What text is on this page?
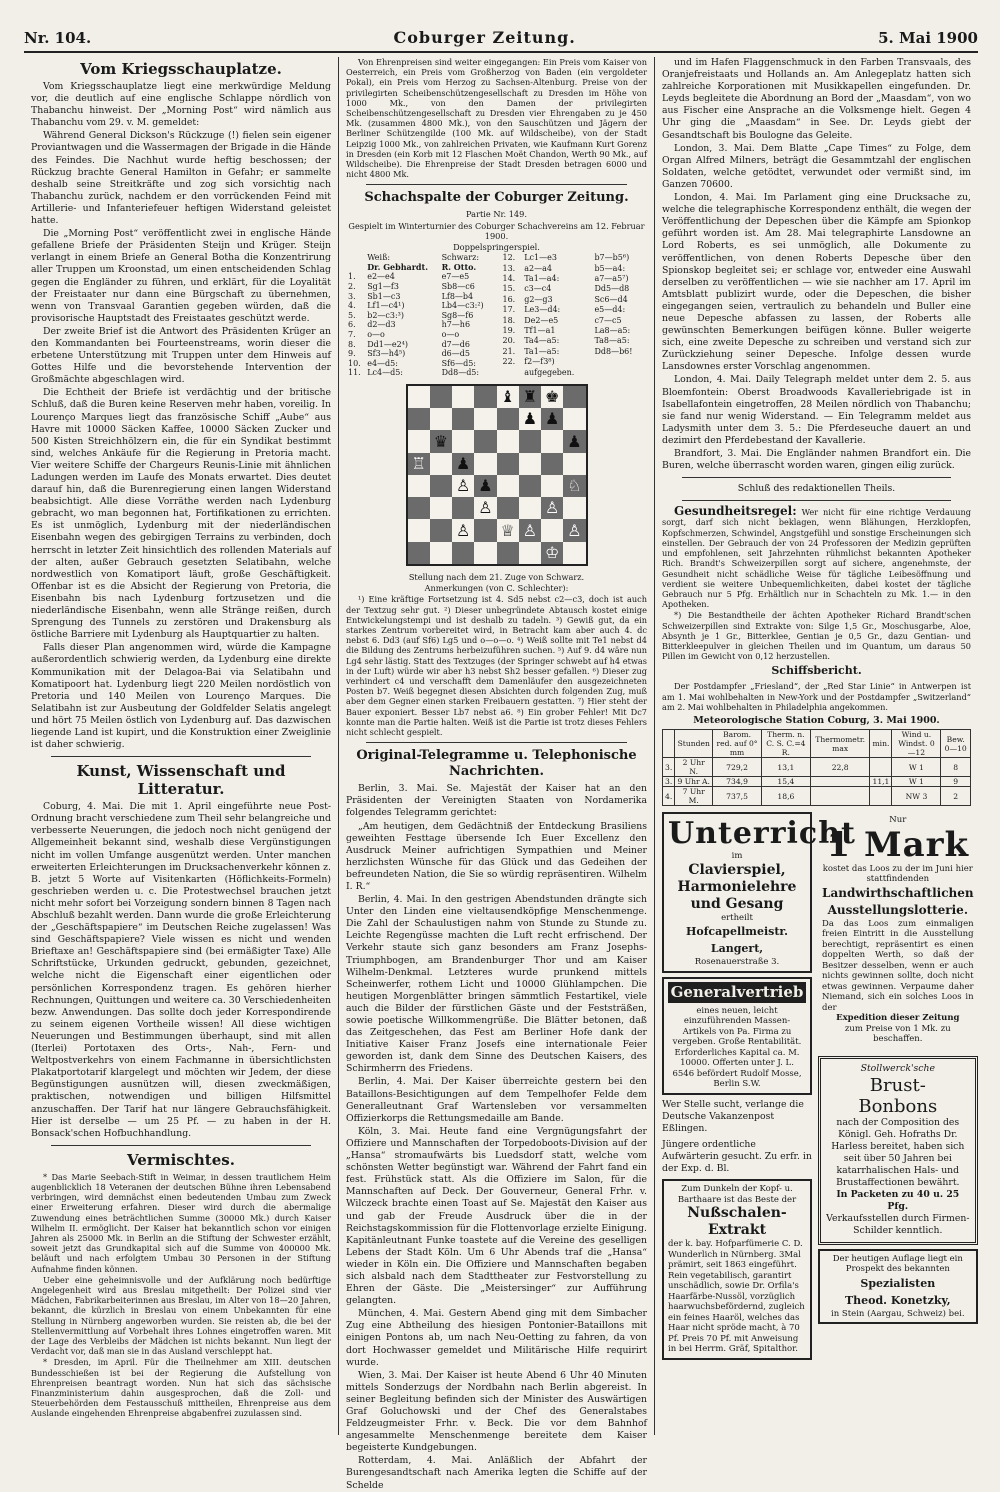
Nr. 104.	Coburger Zeitung.	5. Mai 1900
Vom Kriegsschauplatze.

Vom Kriegsschauplatze liegt eine merkwürdige Meldung vor, die deutlich auf eine englische Schlappe nördlich von Thabanchu hinweist. Der „Morning Post“ wird nämlich aus Thabanchu vom 29. v. M. gemeldet:

Während General Dickson's Rückzuge (!) fielen sein eigener Proviantwagen und die Wassermagen der Brigade in die Hände des Feindes. Die Nachhut wurde heftig beschossen; der Rückzug brachte General Hamilton in Gefahr; er sammelte deshalb seine Streitkräfte und zog sich vorsichtig nach Thabanchu zurück, nachdem er den vorrückenden Feind mit Artillerie- und Infanteriefeuer heftigen Widerstand geleistet hatte.

Die „Morning Post“ veröffentlicht zwei in englische Hände gefallene Briefe der Präsidenten Steijn und Krüger. Steijn verlangt in einem Briefe an General Botha die Konzentrirung aller Truppen um Kroonstad, um einen entscheidenden Schlag gegen die Engländer zu führen, und erklärt, für die Loyalität der Freistaater nur dann eine Bürgschaft zu übernehmen, wenn von Transvaal Garantien gegeben würden, daß die provisorische Hauptstadt des Freistaates geschützt werde.

Der zweite Brief ist die Antwort des Präsidenten Krüger an den Kommandanten bei Fourteenstreams, worin dieser die erbetene Unterstützung mit Truppen unter dem Hinweis auf Gottes Hilfe und die bevorstehende Intervention der Großmächte abgeschlagen wird.

Die Echtheit der Briefe ist verdächtig und der britische Schluß, daß die Buren keine Reserven mehr haben, voreilig. In Lourenço Marques liegt das französische Schiff „Aube“ aus Havre mit 10000 Säcken Kaffee, 10000 Säcken Zucker und 500 Kisten Streichhölzern ein, die für ein Syndikat bestimmt sind, welches Ankäufe für die Regierung in Pretoria macht. Vier weitere Schiffe der Chargeurs Reunis-Linie mit ähnlichen Ladungen werden im Laufe des Monats erwartet. Dies deutet darauf hin, daß die Burenregierung einen langen Widerstand beabsichtigt. Alle diese Vorräthe werden nach Lydenburg gebracht, wo man begonnen hat, Fortifikationen zu errichten. Es ist unmöglich, Lydenburg mit der niederländischen Eisenbahn wegen des gebirgigen Terrains zu verbinden, doch herrscht in letzter Zeit hinsichtlich des rollenden Materials auf der alten, außer Gebrauch gesetzten Selatibahn, welche nordwestlich von Komatiport läuft, große Geschäftigkeit. Offenbar ist es die Absicht der Regierung von Pretoria, die Eisenbahn bis nach Lydenburg fortzusetzen und die niederländische Eisenbahn, wenn alle Stränge reißen, durch Sprengung des Tunnels zu zerstören und Drakensburg als östliche Barriere mit Lydenburg als Hauptquartier zu halten.

Falls dieser Plan angenommen wird, würde die Kampagne außerordentlich schwierig werden, da Lydenburg eine direkte Kommunikation mit der Delagoa-Bai via Selatibahn und Komatipoort hat. Lydenburg liegt 220 Meilen nordöstlich von Pretoria und 140 Meilen von Lourenço Marques. Die Selatibahn ist zur Ausbeutung der Goldfelder Selatis angelegt und hört 75 Meilen östlich von Lydenburg auf. Das dazwischen liegende Land ist kupirt, und die Konstruktion einer Zweiglinie ist daher schwierig.

Kunst, Wissenschaft und Litteratur.

Coburg, 4. Mai. Die mit 1. April eingeführte neue Post-Ordnung bracht verschiedene zum Theil sehr belangreiche und verbesserte Neuerungen, die jedoch noch nicht genügend der Allgemeinheit bekannt sind, weshalb diese Vergünstigungen nicht im vollen Umfange ausgenützt werden. Unter manchen erweiterten Erleichterungen im Drucksachenverkehr können z. B. jetzt 5 Worte auf Visitenkarten (Höflichkeits-Formeln) geschrieben werden u. c. Die Protestwechsel brauchen jetzt nicht mehr sofort bei Vorzeigung sondern binnen 8 Tagen nach Abschluß bezahlt werden. Dann wurde die große Erleichterung der „Geschäftspapiere“ im Deutschen Reiche zugelassen! Was sind Geschäftspapiere? Viele wissen es nicht und wenden Brieftaxe an! Geschäftspapiere sind (bei ermäßigter Taxe) Alle Schriftstücke, Urkunden gedruckt, gebunden, gezeichnet, welche nicht die Eigenschaft einer eigentlichen oder persönlichen Korrespondenz tragen. Es gehören hierher Rechnungen, Quittungen und weitere ca. 30 Verschiedenheiten bezw. Anwendungen. Das sollte doch jeder Korrespondirende zu seinem eigenen Vortheile wissen! All diese wichtigen Neuerungen und Bestimmungen überhaupt, sind mit allen (Iterlei) Portotaxen des Orts-, Nah-, Fern- und Weltpostverkehrs von einem Fachmanne in übersichtlichsten Plakatportotarif klargelegt und möchten wir Jedem, der diese Begünstigungen ausnützen will, diesen zweckmäßigen, praktischen, notwendigen und billigen Hilfsmittel anzuschaffen. Der Tarif hat nur längere Gebrauchsfähigkeit. Hier ist derselbe — um 25 Pf. — zu haben in der H. Bonsack'schen Hofbuchhandlung.

Vermischtes.

* Das Marie Seebach-Stift in Weimar, in dessen trautlichem Heim augenblicklich 18 Veteranen der deutschen Bühne ihren Lebensabend verbringen, wird demnächst einen bedeutenden Umbau zum Zweck einer Erweiterung erfahren. Dieser wird durch die abermalige Zuwendung eines beträchtlichen Summe (30000 Mk.) durch Kaiser Wilhelm II. ermöglicht. Der Kaiser hat bekanntlich schon vor einigen Jahren als 25000 Mk. in Berlin an die Stiftung der Schwester erzählt, soweit jetzt das Grundkapital sich auf die Summe von 400000 Mk. beläuft und nach erfolgtem Umbau 30 Personen in der Stiftung Aufnahme finden können.

Ueber eine geheimnisvolle und der Aufklärung noch bedürftige Angelegenheit wird aus Breslau mitgetheilt: Der Polizei sind vier Mädchen, Fabrikarbeiterinnen aus Breslau, im Alter von 18—20 Jahren, bekannt, die kürzlich in Breslau von einem Unbekannten für eine Stellung in Nürnberg angeworben wurden. Sie reisten ab, die bei der Stellenvermittlung auf Vorbehalt ihres Lohnes eingetroffen waren. Mit der Lage des Verbleibs der Mädchen ist nichts bekannt. Nun liegt der Verdacht vor, daß man sie in das Ausland verschleppt hat.

* Dresden, im April. Für die Theilnehmer am XIII. deutschen Bundesschießen ist bei der Regierung die Aufstellung von Ehrenpreisen beantragt worden. Nun hat sich das sächsische Finanzministerium dahin ausgesprochen, daß die Zoll- und Steuerbehörden dem Festausschuß mittheilen, Ehrenpreise aus dem Auslande eingehenden Ehrenpreise abgabenfrei zuzulassen sind.

Von Ehrenpreisen sind weiter eingegangen: Ein Preis vom Kaiser von Oesterreich, ein Preis vom Großherzog von Baden (ein vergoldeter Pokal), ein Preis vom Herzog zu Sachsen-Altenburg. Preise von der privilegirten Scheibenschützengesellschaft zu Dresden im Höhe von 1000 Mk., von den Damen der privilegirten Scheibenschützengesellschaft zu Dresden vier Ehrengaben zu je 450 Mk. (zusammen 4800 Mk.), von den Sauschützen und Jägern der Berliner Schützengilde (100 Mk. auf Wildscheibe), von der Stadt Leipzig 1000 Mk., von zahlreichen Privaten, wie Kaufmann Kurt Gorenz in Dresden (ein Korb mit 12 Flaschen Moët Chandon, Werth 90 Mk., auf Wildscheibe). Die Ehrenpreise der Stadt Dresden betragen 6000 und nicht 4800 Mk.

Schachspalte der Coburger Zeitung.

Partie Nr. 149.

Gespielt im Winterturnier des Coburger Schachvereins am 12. Februar 1900.

Doppelspringerspiel.

	Weiß:
Dr. Gebhardt.	Schwarz:
R. Otto.
1.	e2—e4	e7—e5
2.	Sg1—f3	Sb8—c6
3.	Sb1—c3	Lf8—b4
4.	Lf1—c4¹)	Lb4—c3:²)
5.	b2—c3:³)	Sg8—f6
6.	d2—d3	h7—h6
7.	o—o	o—o
8.	Dd1—e2⁴)	d7—d6
9.	Sf3—h4⁵)	d6—d5
10.	e4—d5:	Sf6—d5:
11.	Lc4—d5:	Dd8—d5:
12.	Lc1—e3	b7—b5⁶)
13.	a2—a4	b5—a4:
14.	Ta1—a4:	a7—a5⁷)
15.	c3—c4	Dd5—d8
16.	g2—g3	Sc6—d4
17.	Le3—d4:	e5—d4:
18.	De2—e5	c7—c5
19.	Tf1—a1	La8—a5:
20.	Ta4—a5:	Ta8—a5:
21.	Ta1—a5:	Dd8—b6!
22.	f2—f3⁸)	
	aufgegeben.	
♝ ♜ ♚
♟ ♟
♛	♟
♖ ♟
♙ ♟	♘
♙	♙
♙ ♕ ♙ ♙
♔

Stellung nach dem 21. Zuge von Schwarz.

Anmerkungen (von C. Schlechter):

¹) Eine kräftige Fortsetzung ist 4. Sd5 nebst c2—c3, doch ist auch der Textzug sehr gut. ²) Dieser unbegründete Abtausch kostet einige Entwickelungstempi und ist deshalb zu tadeln. ³) Gewiß gut, da ein starkes Zentrum vorbereitet wird, in Betracht kam aber auch 4. dc nebst 6. Dd3 (auf Sf6) Lg5 und o—o—o. ⁴) Weiß sollte mit Te1 nebst d4 die Bildung des Zentrums herbeizuführen suchen. ⁵) Auf 9. d4 wäre nun Lg4 sehr lästig. Statt des Textzuges (der Springer schwebt auf h4 etwas in der Luft) würde wir aber h3 nebst Sh2 besser gefallen. ⁶) Dieser zug verhindert c4 und verschafft dem Damenläufer den ausgezeichneten Posten b7. Weiß begegnet diesen Absichten durch folgenden Zug, muß aber dem Gegner einen starken Freibauern gestatten. ⁷) Hier steht der Bauer exponiert. Besser Lb7 nebst a6. ⁸) Ein grober Fehler! Mit Dc7 konnte man die Partie halten. Weiß ist die Partie ist trotz dieses Fehlers nicht schlecht gespielt.

Original-Telegramme u. Telephonische Nachrichten.

Berlin, 3. Mai. Se. Majestät der Kaiser hat an den Präsidenten der Vereinigten Staaten von Nordamerika folgendes Telegramm gerichtet:

„Am heutigen, dem Gedächtniß der Entdeckung Brasiliens geweihten Festtage übersende Ich Euer Excellenz den Ausdruck Meiner aufrichtigen Sympathien und Meiner herzlichsten Wünsche für das Glück und das Gedeihen der befreundeten Nation, die Sie so würdig repräsentiren. Wilhelm I. R.“

Berlin, 4. Mai. In den gestrigen Abendstunden drängte sich Unter den Linden eine vieltausendköpfige Menschenmenge. Die Zahl der Schaulustigen nahm von Stunde zu Stunde zu. Leichte Regengüsse machten die Luft recht erfrischend. Der Verkehr staute sich ganz besonders am Franz Josephs-Triumphbogen, am Brandenburger Thor und am Kaiser Wilhelm-Denkmal. Letzteres wurde prunkend mittels Scheinwerfer, rothem Licht und 10000 Glühlampchen. Die heutigen Morgenblätter bringen sämmtlich Festartikel, viele auch die Bilder der fürstlichen Gäste und der Feststräßen, sowie poetische Willkommengrüße. Die Blätter betonen, daß das Zeitgeschehen, das Fest am Berliner Hofe dank der Initiative Kaiser Franz Josefs eine internationale Feier geworden ist, dank dem Sinne des Deutschen Kaisers, des Schirmherrn des Friedens.

Berlin, 4. Mai. Der Kaiser überreichte gestern bei den Bataillons-Besichtigungen auf dem Tempelhofer Felde dem Generalleutnant Graf Wartensleben vor versammelten Offizierkorps die Rettungsmedaille am Bande.

Köln, 3. Mai. Heute fand eine Vergnügungsfahrt der Offiziere und Mannschaften der Torpedoboots-Division auf der „Hansa“ stromaufwärts bis Luedsdorf statt, welche vom schönsten Wetter begünstigt war. Während der Fahrt fand ein fest. Frühstück statt. Als die Offiziere im Salon, für die Mannschaften auf Deck. Der Gouverneur, General Frhr. v. Wilczeck brachte einen Toast auf Se. Majestät den Kaiser aus und gab der Freude Ausdruck über die in der Reichstagskommission für die Flottenvorlage erzielte Einigung. Kapitänleutnant Funke toastete auf die Vereine des geselligen Lebens der Stadt Köln. Um 6 Uhr Abends traf die „Hansa“ wieder in Köln ein. Die Offiziere und Mannschaften begaben sich alsbald nach dem Stadttheater zur Festvorstellung zu Ehren der Gäste. Die „Meistersinger“ zur Aufführung gelangten.

München, 4. Mai. Gestern Abend ging mit dem Simbacher Zug eine Abtheilung des hiesigen Pontonier-Bataillons mit einigen Pontons ab, um nach Neu-Oetting zu fahren, da von dort Hochwasser gemeldet und Militärische Hilfe requirirt wurde.

Wien, 3. Mai. Der Kaiser ist heute Abend 6 Uhr 40 Minuten mittels Sonderzugs der Nordbahn nach Berlin abgereist. In seiner Begleitung befinden sich der Minister des Auswärtigen Graf Goluchowski und der Chef des Generalstabes Feldzeugmeister Frhr. v. Beck. Die vor dem Bahnhof angesammelte Menschenmenge bereitete dem Kaiser begeisterte Kundgebungen.

Rotterdam, 4. Mai. Anläßlich der Abfahrt der Burengesandtschaft nach Amerika legten die Schiffe auf der Schelde

und im Hafen Flaggenschmuck in den Farben Transvaals, des Oranjefreistaats und Hollands an. Am Anlegeplatz hatten sich zahlreiche Korporationen mit Musikkapellen eingefunden. Dr. Leyds begleitete die Abordnung an Bord der „Maasdam“, von wo aus Fischer eine Ansprache an die Volksmenge hielt. Gegen 4 Uhr ging die „Maasdam“ in See. Dr. Leyds giebt der Gesandtschaft bis Boulogne das Geleite.

London, 3. Mai. Dem Blatte „Cape Times“ zu Folge, dem Organ Alfred Milners, beträgt die Gesammtzahl der englischen Soldaten, welche getödtet, verwundet oder vermißt sind, im Ganzen 70600.

London, 4. Mai. Im Parlament ging eine Drucksache zu, welche die telegraphische Korrespondenz enthält, die wegen der Veröffentlichung der Depeschen über die Kämpfe am Spionkop geführt worden ist. Am 28. Mai telegraphirte Lansdowne an Lord Roberts, es sei unmöglich, alle Dokumente zu veröffentlichen, von denen Roberts Depesche über den Spionskop begleitet sei; er schlage vor, entweder eine Auswahl derselben zu veröffentlichen — wie sie nachher am 17. April im Amtsblatt publizirt wurde, oder die Depeschen, die bisher eingegangen seien, vertraulich zu behandeln und Buller eine neue Depesche abfassen zu lassen, der Roberts alle gewünschten Bemerkungen beifügen könne. Buller weigerte sich, eine zweite Depesche zu schreiben und verstand sich zur Zurückziehung seiner Depesche. Infolge dessen wurde Lansdownes erster Vorschlag angenommen.

London, 4. Mai. Daily Telegraph meldet unter dem 2. 5. aus Bloemfontein: Oberst Broadwoods Kavalleriebrigade ist in Isabellafontein eingetroffen, 28 Meilen nördlich von Thabanchu; sie fand nur wenig Widerstand. — Ein Telegramm meldet aus Ladysmith unter dem 3. 5.: Die Pferdeseuche dauert an und dezimirt den Pferdebestand der Kavallerie.

Brandfort, 3. Mai. Die Engländer nahmen Brandfort ein. Die Buren, welche überrascht worden waren, gingen eilig zurück.

Schluß des redaktionellen Theils.

Gesundheitsregel: Wer nicht für eine richtige Verdauung sorgt, darf sich nicht beklagen, wenn Blähungen, Herzklopfen, Kopfschmerzen, Schwindel, Angstgefühl und sonstige Erscheinungen sich einstellen. Der Gebrauch der von 24 Professoren der Medizin geprüften und empfohlenen, seit Jahrzehnten rühmlichst bekannten Apotheker Rich. Brandt's Schweizerpillen sorgt auf sichere, angenehmste, der Gesundheit nicht schädliche Weise für tägliche Leibesöffnung und verdient sie weitere Unbequemlichkeiten, dabei kostet der tägliche Gebrauch nur 5 Pfg. Erhältlich nur in Schachteln zu Mk. 1.— in den Apotheken.

*) Die Bestandtheile der ächten Apotheker Richard Brandt'schen Schweizerpillen sind Extrakte von: Silge 1,5 Gr., Moschusgarbe, Aloe, Absynth je 1 Gr., Bitterklee, Gentian je 0,5 Gr., dazu Gentian- und Bitterkleepulver in gleichen Theilen und im Quantum, um daraus 50 Pillen im Gewicht von 0,12 herzustellen.

Schiffsbericht.

Der Postdampfer „Friesland“, der „Red Star Linie“ in Antwerpen ist am 1. Mai wohlbehalten in New-York und der Postdampfer „Switzerland“ am 2. Mai wohlbehalten in Philadelphia angekommen.

Meteorologische Station Coburg, 3. Mai 1900.

	Stunden	Barom. red. auf 0° mm	Therm. n. C. S. C.=4 R.	Thermometr. max	min.	Wind u. Windst. 0—12	Bew. 0—10
3.	2 Uhr N.	729,2	13,1	22,8		W 1	8
3.	9 Uhr A.	734,9	15,4		11,1	W 1	9
4.	7 Uhr M.	737,5	18,6			NW 3	2
Unterricht
im
Clavierspiel,
Harmonielehre
und Gesang
ertheilt
Hofcapellmeistr. Langert,
Rosenauerstraße 3.
Generalvertrieb
eines neuen, leicht einzuführenden Massen-Artikels von Pa. Firma zu vergeben. Große Rentabilität. Erforderliches Kapital ca. M. 10000. Offerten unter J. L. 6546 befördert Rudolf Mosse, Berlin S.W.
Wer Stelle sucht, verlange die Deutsche Vakanzenpost Eßlingen.
Jüngere ordentliche Aufwärterin gesucht. Zu erfr. in der Exp. d. Bl.
Zum Dunkeln der Kopf- u. Barthaare ist das Beste der
Nußschalen-Extrakt
der k. bay. Hofparfümerie C. D. Wunderlich in Nürnberg. 3Mal prämirt, seit 1863 eingeführt. Rein vegetabilisch, garantirt unschädlich, sowie Dr. Orfila's Haarfärbe-Nussöl, vorzüglich haarwuchsbefördernd, zugleich ein feines Haaröl, welches das Haar nicht spröde macht, à 70 Pf. Preis 70 Pf. mit Anweisung in bei Herrm. Gräf, Spitalthor.
Nur
1 Mark
kostet das Loos zu der im Juni hier stattfindenden
Landwirthschaftlichen Ausstellungslotterie.
Da das Loos zum einmaligen freien Eintritt in die Ausstellung berechtigt, repräsentirt es einen doppelten Werth, so daß der Besitzer desselben, wenn er auch nichts gewinnen sollte, doch nicht etwas gewinnen. Verpaume daher Niemand, sich ein solches Loos in der
Expedition dieser Zeitung
zum Preise von 1 Mk. zu beschaffen.
Stollwerck'sche
Brust-
Bonbons
nach der Composition des Königl. Geh. Hofraths Dr. Harless bereitet, haben sich seit über 50 Jahren bei katarrhalischen Hals- und Brustaffectionen bewährt.
In Packeten zu 40 u. 25 Pfg.
Verkaufsstellen durch Firmen-Schilder kenntlich.
Der heutigen Auflage liegt ein Prospekt des bekannten
Spezialisten
Theod. Konetzky,
in Stein (Aargau, Schweiz) bei.
